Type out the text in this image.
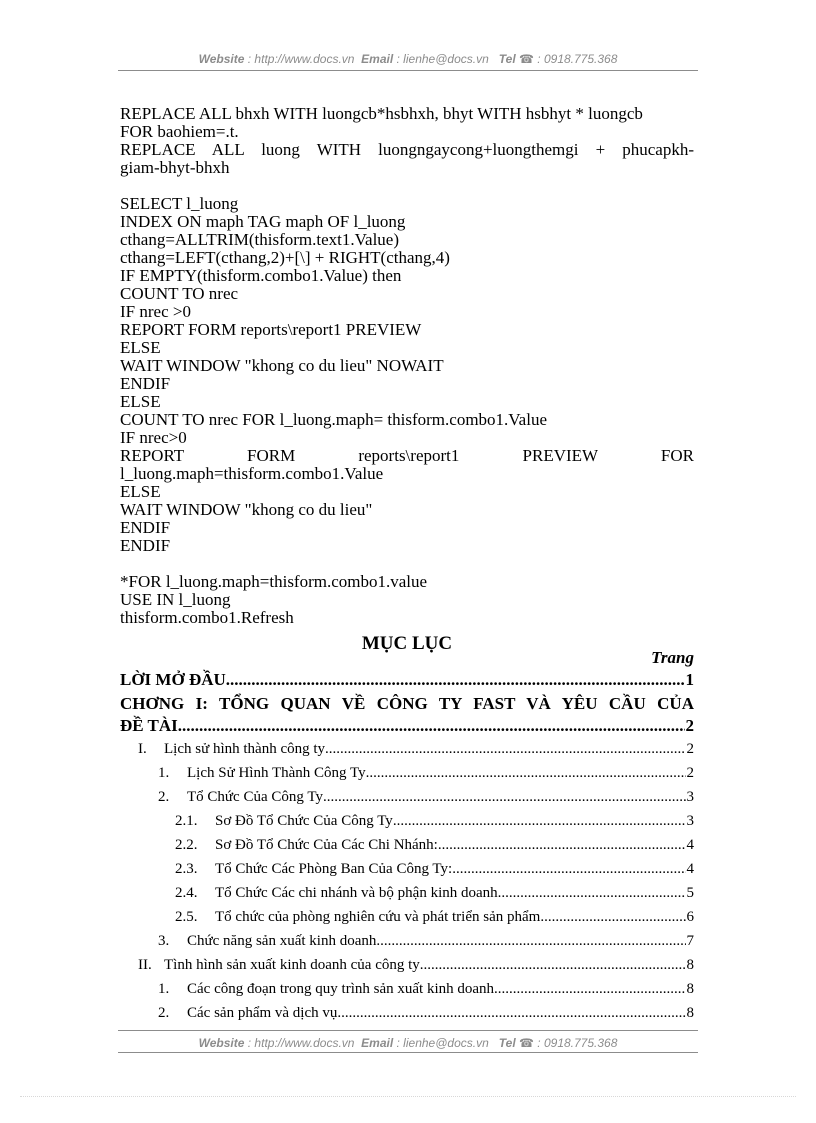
Website : http://www.docs.vn Email : lienhe@docs.vn Tel ☎ : 0918.775.368
REPLACE ALL bhxh WITH luongcb*hsbhxh, bhyt WITH hsbhyt * luongcb
FOR baohiem=.t.
REPLACE ALL luong WITH luongngaycong+luongthemgi + phucapkh-
giam-bhyt-bhxh
SELECT l_luong
INDEX ON maph TAG maph OF l_luong
cthang=ALLTRIM(thisform.text1.Value)
cthang=LEFT(cthang,2)+[\] + RIGHT(cthang,4)
IF EMPTY(thisform.combo1.Value) then
COUNT TO nrec
IF nrec >0
REPORT FORM reports\report1 PREVIEW
ELSE
WAIT WINDOW "khong co du lieu" NOWAIT
ENDIF
ELSE
COUNT TO nrec FOR l_luong.maph= thisform.combo1.Value
IF nrec>0
REPORT FORM reports\report1 PREVIEW FOR
l_luong.maph=thisform.combo1.Value
ELSE
WAIT WINDOW "khong co du lieu"
ENDIF
ENDIF
*FOR l_luong.maph=thisform.combo1.value
USE IN l_luong
thisform.combo1.Refresh
MỤC LỤC
Trang
LỜI MỞ ĐẦU .....	1
CHƠNG I: TỔNG QUAN VỀ CÔNG TY FAST VÀ YÊU CẦU CỦA
ĐỀ TÀI .....	2
I. Lịch sử hình thành công ty .....	2
1. Lịch Sử Hình Thành Công Ty .....	2
2. Tổ Chức Của Công Ty .....	3
2.1. Sơ Đồ Tổ Chức Của Công Ty .....	3
2.2. Sơ Đồ Tổ Chức Của Các Chi Nhánh: .....	4
2.3. Tổ Chức Các Phòng Ban Của Công Ty: .....	4
2.4. Tổ Chức Các chi nhánh và bộ phận kinh doanh .....	5
2.5. Tổ chức của phòng nghiên cứu và phát triển sản phẩm .....	6
3. Chức năng sản xuất kinh doanh .....	7
II. Tình hình sản xuất kinh doanh của công ty .....	8
1. Các công đoạn trong quy trình sản xuất kinh doanh .....	8
2. Các sản phẩm và dịch vụ .....	8
Website : http://www.docs.vn Email : lienhe@docs.vn Tel ☎ : 0918.775.368
